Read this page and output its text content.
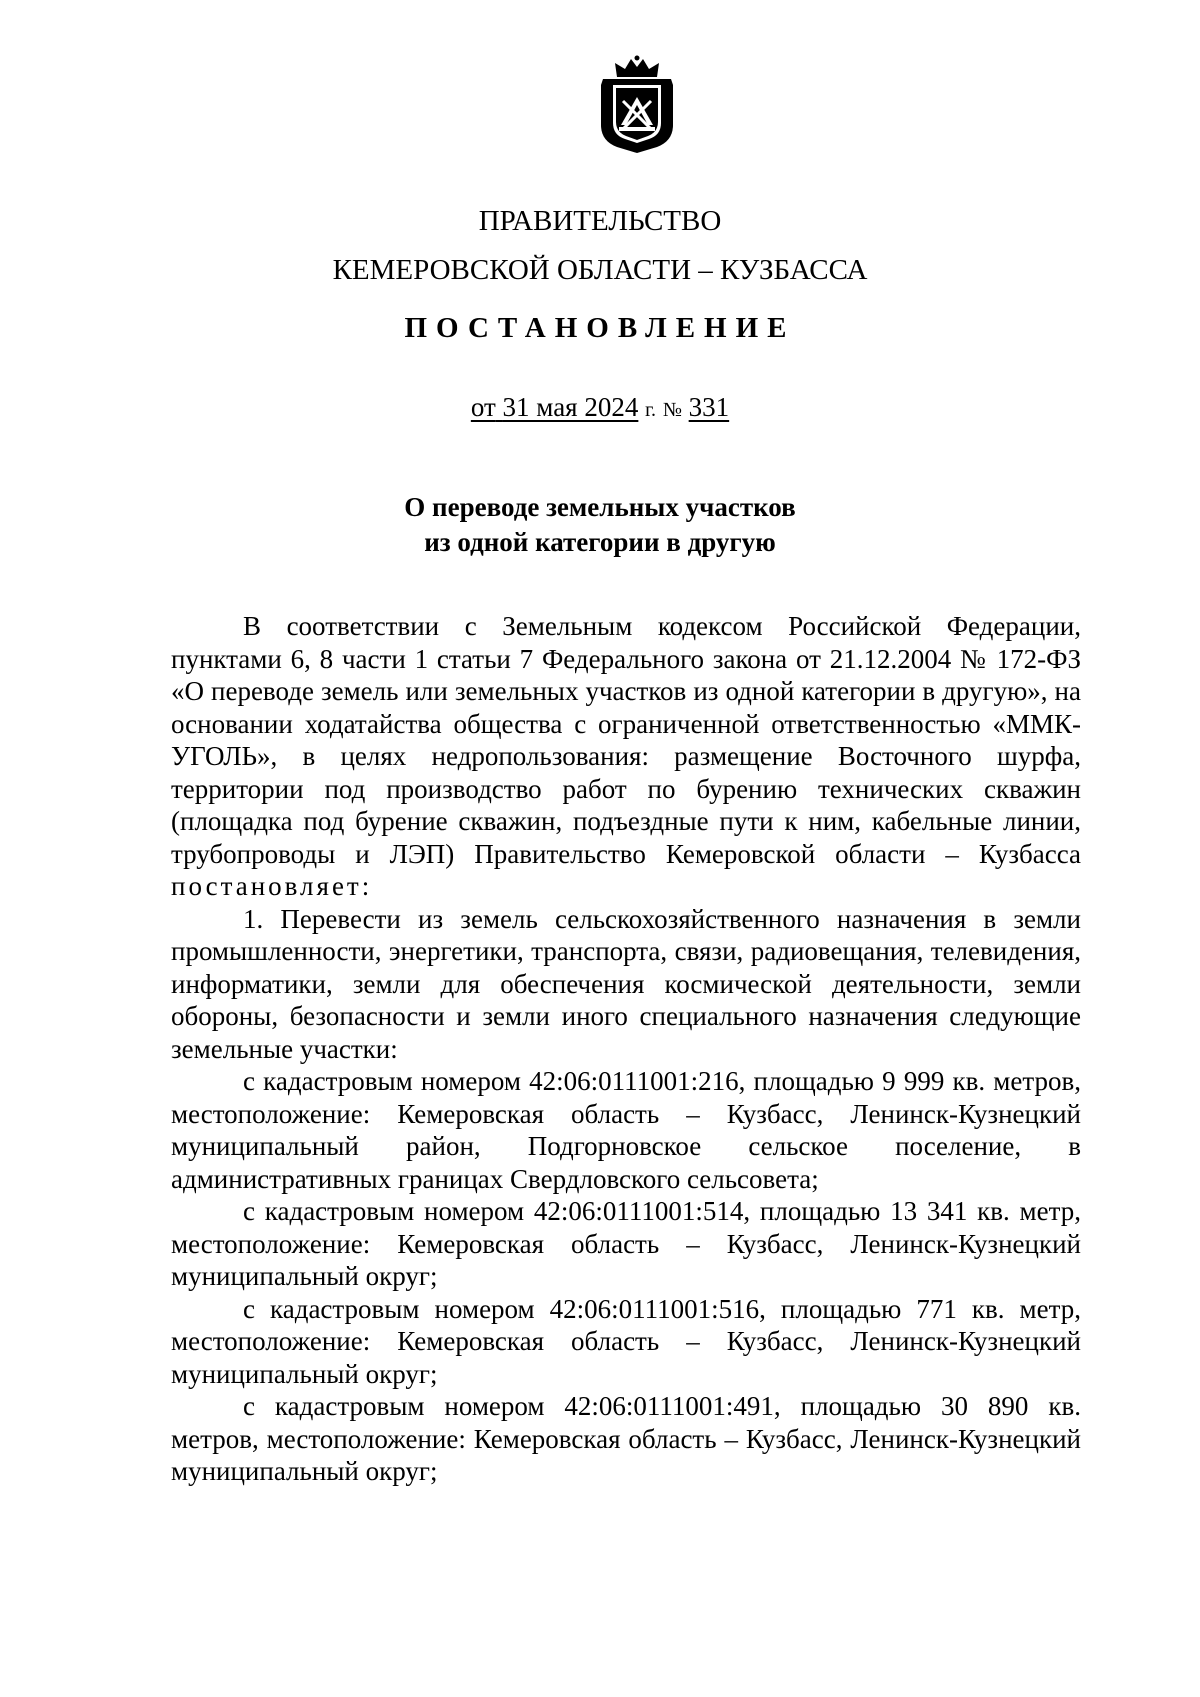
ПРАВИТЕЛЬСТВО
КЕМЕРОВСКОЙ ОБЛАСТИ – КУЗБАССА
ПОСТАНОВЛЕНИЕ
от 31 мая 2024 г. № 331
О переводе земельных участков
из одной категории в другую

В соответствии с Земельным кодексом Российской Федерации, пунктами 6, 8 части 1 статьи 7 Федерального закона от 21.12.2004 № 172-ФЗ «О переводе земель или земельных участков из одной категории в другую», на основании ходатайства общества с ограниченной ответственностью «ММК-УГОЛЬ», в целях недропользования: размещение Восточного шурфа, территории под производство работ по бурению технических скважин (площадка под бурение скважин, подъездные пути к ним, кабельные линии, трубопроводы и ЛЭП) Правительство Кемеровской области – Кузбасса постановляет:

1. Перевести из земель сельскохозяйственного назначения в земли промышленности, энергетики, транспорта, связи, радиовещания, телевидения, информатики, земли для обеспечения космической деятельности, земли обороны, безопасности и земли иного специального назначения следующие земельные участки:

с кадастровым номером 42:06:0111001:216, площадью 9 999 кв. метров, местоположение: Кемеровская область – Кузбасс, Ленинск-Кузнецкий муниципальный район, Подгорновское сельское поселение, в административных границах Свердловского сельсовета;

с кадастровым номером 42:06:0111001:514, площадью 13 341 кв. метр, местоположение: Кемеровская область – Кузбасс, Ленинск-Кузнецкий муниципальный округ;

с кадастровым номером 42:06:0111001:516, площадью 771 кв. метр, местоположение: Кемеровская область – Кузбасс, Ленинск-Кузнецкий муниципальный округ;

с кадастровым номером 42:06:0111001:491, площадью 30 890 кв. метров, местоположение: Кемеровская область – Кузбасс, Ленинск-Кузнецкий муниципальный округ;
